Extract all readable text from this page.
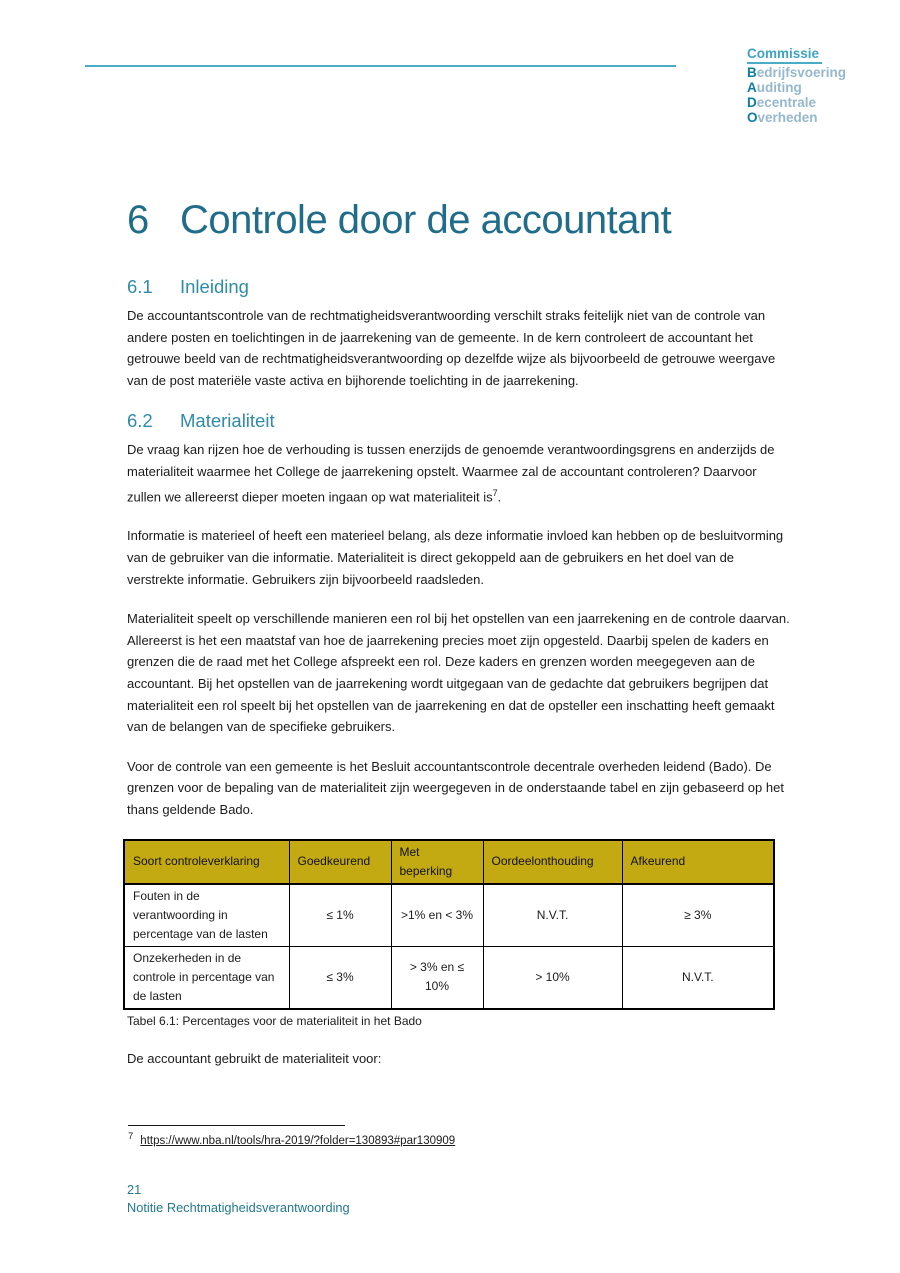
Commissie
Bedrijfsvoering
Auditing
Decentrale
Overheden
6 Controle door de accountant
6.1 Inleiding

De accountantscontrole van de rechtmatigheidsverantwoording verschilt straks feitelijk niet van de controle van andere posten en toelichtingen in de jaarrekening van de gemeente. In de kern controleert de accountant het getrouwe beeld van de rechtmatigheidsverantwoording op dezelfde wijze als bijvoorbeeld de getrouwe weergave van de post materiële vaste activa en bijhorende toelichting in de jaarrekening.

6.2 Materialiteit

De vraag kan rijzen hoe de verhouding is tussen enerzijds de genoemde verantwoordingsgrens en anderzijds de materialiteit waarmee het College de jaarrekening opstelt. Waarmee zal de accountant controleren? Daarvoor zullen we allereerst dieper moeten ingaan op wat materialiteit $is^7$.

Informatie is materieel of heeft een materieel belang, als deze informatie invloed kan hebben op de besluitvorming van de gebruiker van die informatie. Materialiteit is direct gekoppeld aan de gebruikers en het doel van de verstrekte informatie. Gebruikers zijn bijvoorbeeld raadsleden.

Materialiteit speelt op verschillende manieren een rol bij het opstellen van een jaarrekening en de controle daarvan. Allereerst is het een maatstaf van hoe de jaarrekening precies moet zijn opgesteld. Daarbij spelen de kaders en grenzen die de raad met het College afspreekt een rol. Deze kaders en grenzen worden meegegeven aan de accountant. Bij het opstellen van de jaarrekening wordt uitgegaan van de gedachte dat gebruikers begrijpen dat materialiteit een rol speelt bij het opstellen van de jaarrekening en dat de opsteller een inschatting heeft gemaakt van de belangen van de specifieke gebruikers.

Voor de controle van een gemeente is het Besluit accountantscontrole decentrale overheden leidend (Bado). De grenzen voor de bepaling van de materialiteit zijn weergegeven in de onderstaande tabel en zijn gebaseerd op het thans geldende Bado.

Soort controleverklaring	Goedkeurend	Met beperking	Oordeelonthouding	Afkeurend
Fouten in de verantwoording in percentage van de lasten	≤ 1%	>1% en < 3%	N.V.T.	≥ 3%
Onzekerheden in de controle in percentage van de lasten	≤ 3%	> 3% en ≤ 10%	> 10%	N.V.T.
Tabel 6.1: Percentages voor de materialiteit in het Bado

De accountant gebruikt de materialiteit voor:

$^7$ https://www.nba.nl/tools/hra-2019/?folder=130893#par130909
21
Notitie Rechtmatigheidsverantwoording
